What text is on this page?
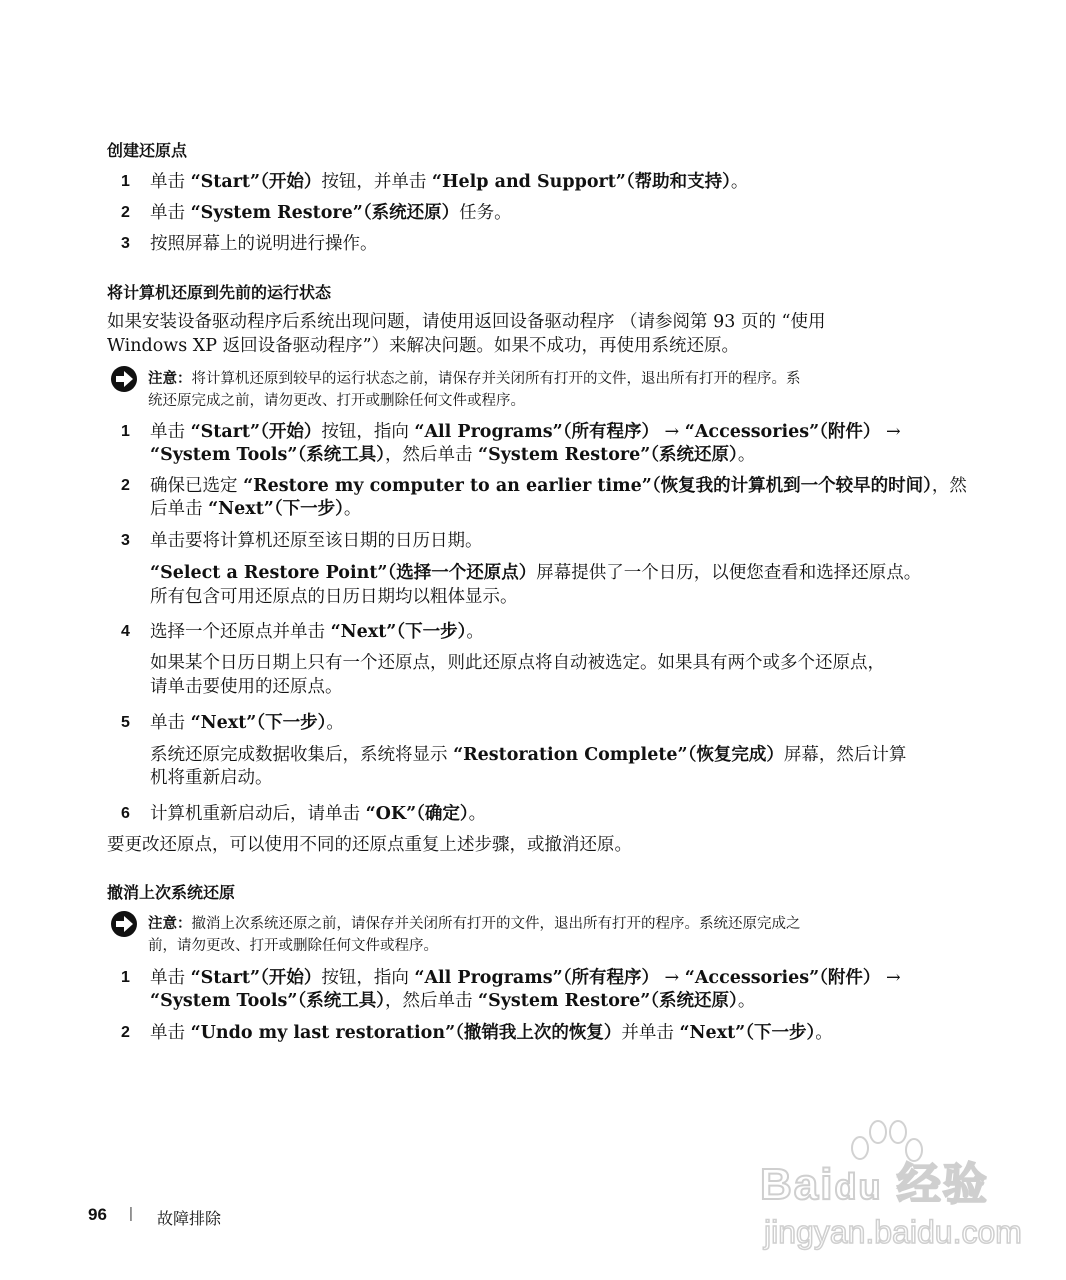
创建还原点
单击 “Start”（开始）按钮，并单击 “Help and Support”（帮助和支持）。
1
单击 “System Restore”（系统还原）任务。
2
按照屏幕上的说明进行操作。
3
将计算机还原到先前的运行状态
如果安装设备驱动程序后系统出现问题，请使用返回设备驱动程序 （请参阅第 93 页的 “使用
Windows XP 返回设备驱动程序”）来解决问题。如果不成功，再使用系统还原。
注意：将计算机还原到较早的运行状态之前，请保存并关闭所有打开的文件，退出所有打开的程序。系
统还原完成之前，请勿更改、打开或删除任何文件或程序。
单击 “Start”（开始）按钮，指向 “All Programs”（所有程序） → “Accessories”（附件） →
1
“System Tools”（系统工具），然后单击 “System Restore”（系统还原）。
确保已选定 “Restore my computer to an earlier time”（恢复我的计算机到一个较早的时间），然
2
后单击 “Next”（下一步）。
单击要将计算机还原至该日期的日历日期。
3
“Select a Restore Point”（选择一个还原点）屏幕提供了一个日历，以便您查看和选择还原点。
所有包含可用还原点的日历日期均以粗体显示。
选择一个还原点并单击 “Next”（下一步）。
4
如果某个日历日期上只有一个还原点，则此还原点将自动被选定。如果具有两个或多个还原点，
请单击要使用的还原点。
单击 “Next”（下一步）。
5
系统还原完成数据收集后，系统将显示 “Restoration Complete”（恢复完成）屏幕，然后计算
机将重新启动。
计算机重新启动后，请单击 “OK”（确定）。
6
要更改还原点，可以使用不同的还原点重复上述步骤，或撤消还原。
撤消上次系统还原
注意：撤消上次系统还原之前，请保存并关闭所有打开的文件，退出所有打开的程序。系统还原完成之
前，请勿更改、打开或删除任何文件或程序。
单击 “Start”（开始）按钮，指向 “All Programs”（所有程序） → “Accessories”（附件） →
1
“System Tools”（系统工具），然后单击 “System Restore”（系统还原）。
单击 “Undo my last restoration”（撤销我上次的恢复）并单击 “Next”（下一步）。
2
96 | 故障排除
Baidu 经验
jingyan.baidu.com
